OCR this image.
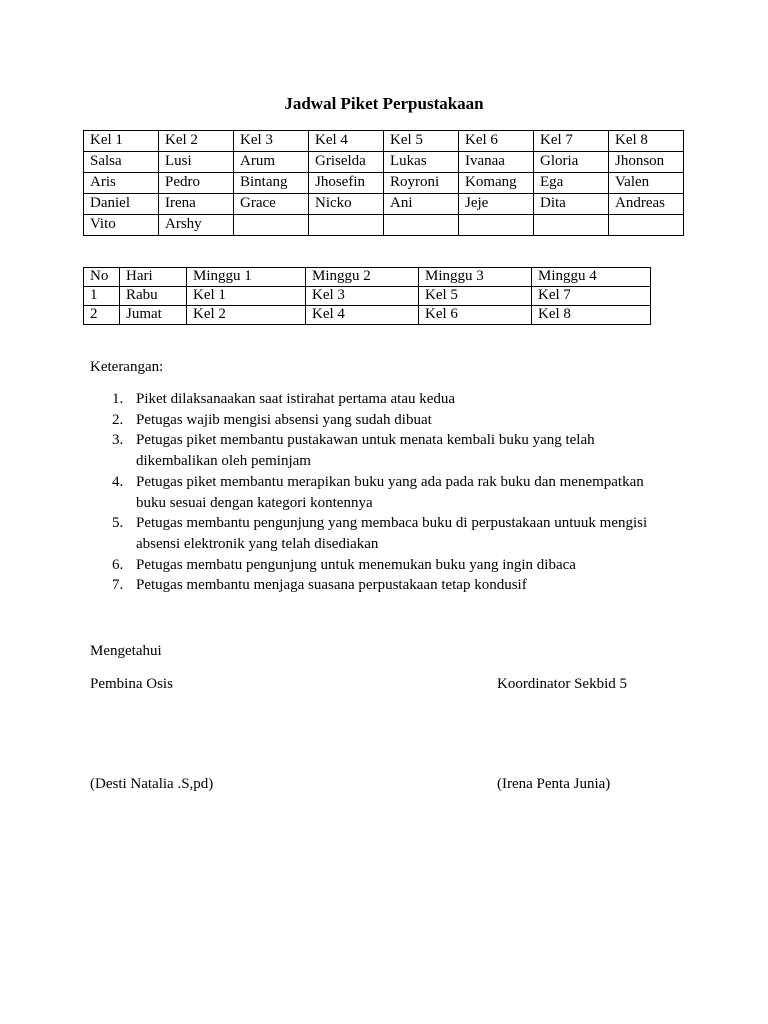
Jadwal Piket Perpustakaan
Kel 1	Kel 2	Kel 3	Kel 4	Kel 5	Kel 6	Kel 7	Kel 8
Salsa	Lusi	Arum	Griselda	Lukas	Ivanaa	Gloria	Jhonson
Aris	Pedro	Bintang	Jhosefin	Royroni	Komang	Ega	Valen
Daniel	Irena	Grace	Nicko	Ani	Jeje	Dita	Andreas
Vito	Arshy						
No	Hari	Minggu 1	Minggu 2	Minggu 3	Minggu 4
1	Rabu	Kel 1	Kel 3	Kel 5	Kel 7
2	Jumat	Kel 2	Kel 4	Kel 6	Kel 8
Keterangan:
1. Piket dilaksanaakan saat istirahat pertama atau kedua
2. Petugas wajib mengisi absensi yang sudah dibuat
3. Petugas piket membantu pustakawan untuk menata kembali buku yang telah dikembalikan oleh peminjam
4. Petugas piket membantu merapikan buku yang ada pada rak buku dan menempatkan buku sesuai dengan kategori kontennya
5. Petugas membantu pengunjung yang membaca buku di perpustakaan untuuk mengisi absensi elektronik yang telah disediakan
6. Petugas membatu pengunjung untuk menemukan buku yang ingin dibaca
7. Petugas membantu menjaga suasana perpustakaan tetap kondusif
Mengetahui
Pembina Osis	Koordinator Sekbid 5
(Desti Natalia .S,pd)	(Irena Penta Junia)
